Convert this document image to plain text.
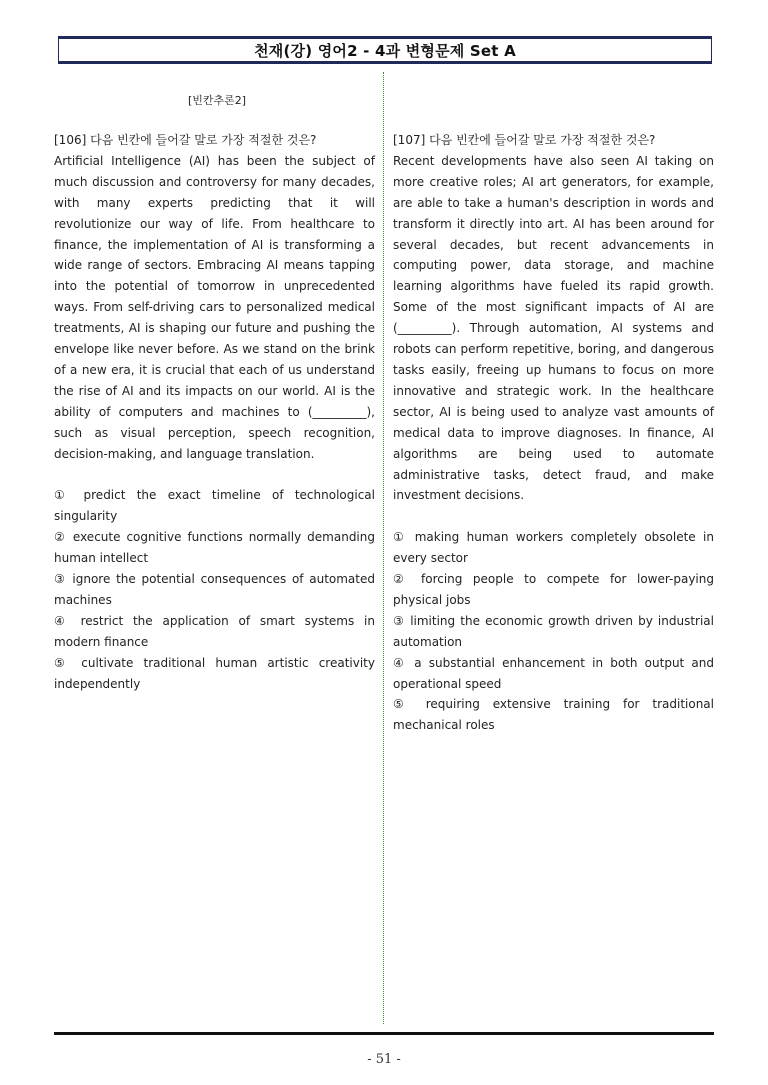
천재(강) 영어2 - 4과 변형문제 Set A
[빈칸추론2]

[106] 다음 빈칸에 들어갈 말로 가장 적절한 것은?

Artificial Intelligence (AI) has been the subject of much discussion and controversy for many decades, with many experts predicting that it will revolutionize our way of life. From healthcare to finance, the implementation of AI is transforming a wide range of sectors. Embracing AI means tapping into the potential of tomorrow in unprecedented ways. From self-driving cars to personalized medical treatments, AI is shaping our future and pushing the envelope like never before. As we stand on the brink of a new era, it is crucial that each of us understand the rise of AI and its impacts on our world. AI is the ability of computers and machines to (_________), such as visual perception, speech recognition, decision-making, and language translation.

① predict the exact timeline of technological singularity

② execute cognitive functions normally demanding human intellect

③ ignore the potential consequences of automated machines

④ restrict the application of smart systems in modern finance

⑤ cultivate traditional human artistic creativity independently

[107] 다음 빈칸에 들어갈 말로 가장 적절한 것은?

Recent developments have also seen AI taking on more creative roles; AI art generators, for example, are able to take a human's description in words and transform it directly into art. AI has been around for several decades, but recent advancements in computing power, data storage, and machine learning algorithms have fueled its rapid growth. Some of the most significant impacts of AI are (_________). Through automation, AI systems and robots can perform repetitive, boring, and dangerous tasks easily, freeing up humans to focus on more innovative and strategic work. In the healthcare sector, AI is being used to analyze vast amounts of medical data to improve diagnoses. In finance, AI algorithms are being used to automate administrative tasks, detect fraud, and make investment decisions.

① making human workers completely obsolete in every sector

② forcing people to compete for lower-paying physical jobs

③ limiting the economic growth driven by industrial automation

④ a substantial enhancement in both output and operational speed

⑤ requiring extensive training for traditional mechanical roles

- 51 -
